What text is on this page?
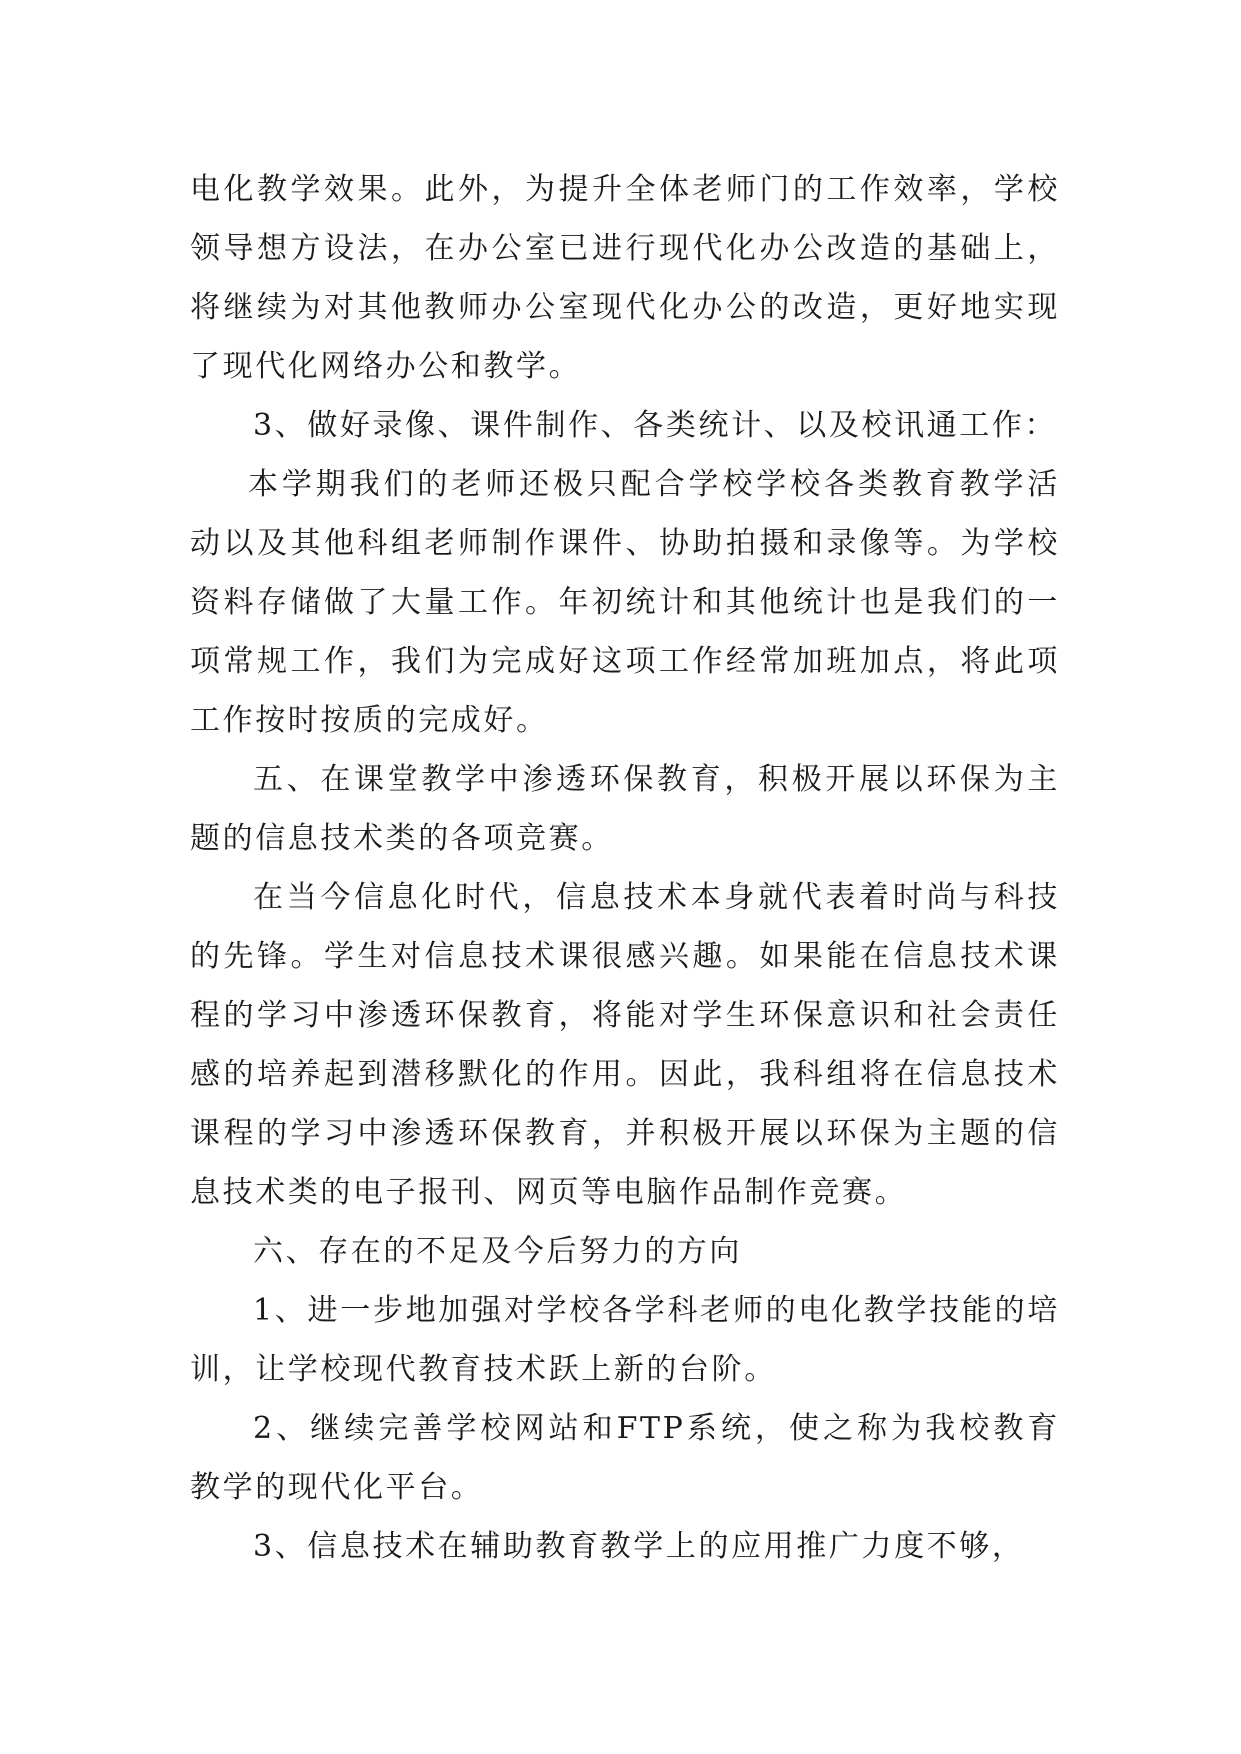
电化教学效果。此外，为提升全体老师门的工作效率，学校领导想方设法，在办公室已进行现代化办公改造的基础上，将继续为对其他教师办公室现代化办公的改造，更好地实现了现代化网络办公和教学。

3、做好录像、课件制作、各类统计、以及校讯通工作：

本学期我们的老师还极只配合学校学校各类教育教学活动以及其他科组老师制作课件、协助拍摄和录像等。为学校资料存储做了大量工作。年初统计和其他统计也是我们的一项常规工作，我们为完成好这项工作经常加班加点，将此项工作按时按质的完成好。

五、在课堂教学中渗透环保教育，积极开展以环保为主题的信息技术类的各项竞赛。

在当今信息化时代，信息技术本身就代表着时尚与科技的先锋。学生对信息技术课很感兴趣。如果能在信息技术课程的学习中渗透环保教育，将能对学生环保意识和社会责任感的培养起到潜移默化的作用。因此，我科组将在信息技术课程的学习中渗透环保教育，并积极开展以环保为主题的信息技术类的电子报刊、网页等电脑作品制作竞赛。

六、存在的不足及今后努力的方向

1、进一步地加强对学校各学科老师的电化教学技能的培训，让学校现代教育技术跃上新的台阶。

2、继续完善学校网站和FTP系统，使之称为我校教育教学的现代化平台。

3、信息技术在辅助教育教学上的应用推广力度不够，
